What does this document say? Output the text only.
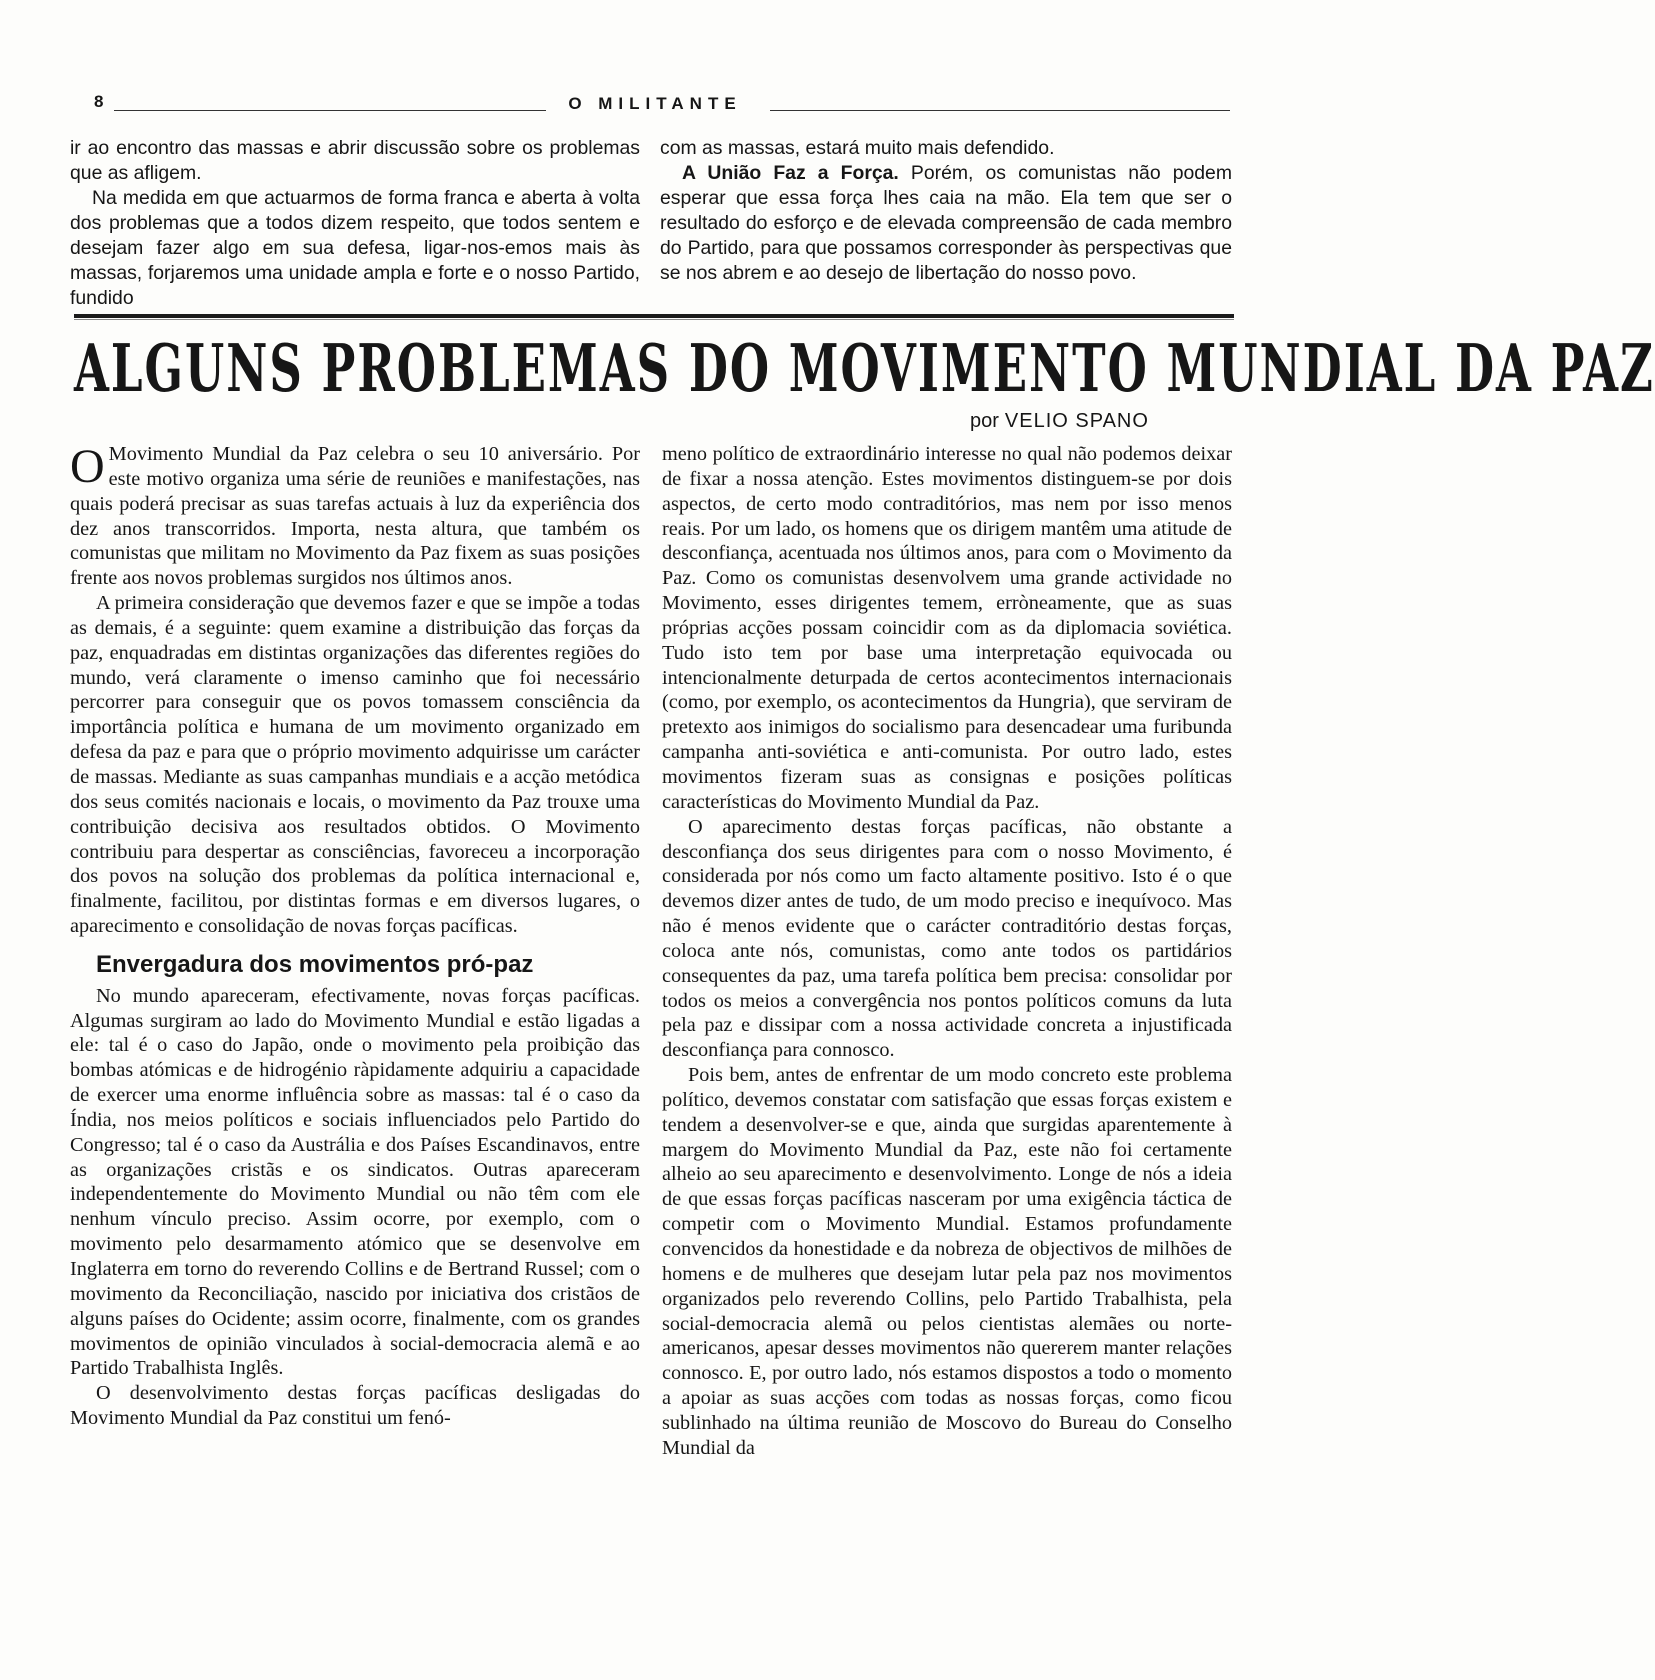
8	O MILITANTE

ir ao encontro das massas e abrir discussão sobre os problemas que as afligem.

Na medida em que actuarmos de forma franca e aberta à volta dos problemas que a todos dizem respeito, que todos sentem e desejam fazer algo em sua defesa, ligar-nos-emos mais às massas, forjaremos uma unidade ampla e forte e o nosso Partido, fundido

com as massas, estará muito mais defendido.

A União Faz a Força. Porém, os comunistas não podem esperar que essa força lhes caia na mão. Ela tem que ser o resultado do esforço e de elevada compreensão de cada membro do Partido, para que possamos corresponder às perspectivas que se nos abrem e ao desejo de libertação do nosso povo.

ALGUNS PROBLEMAS DO MOVIMENTO MUNDIAL DA PAZ
por VELIO SPANO

O Movimento Mundial da Paz celebra o seu 10 aniversário. Por este motivo organiza uma série de reuniões e manifestações, nas quais poderá precisar as suas tarefas actuais à luz da experiência dos dez anos transcorridos. Importa, nesta altura, que também os comunistas que militam no Movimento da Paz fixem as suas posições frente aos novos problemas surgidos nos últimos anos.

A primeira consideração que devemos fazer e que se impõe a todas as demais, é a seguinte: quem examine a distribuição das forças da paz, enquadradas em distintas organizações das diferentes regiões do mundo, verá claramente o imenso caminho que foi necessário percorrer para conseguir que os povos tomassem consciência da importância política e humana de um movimento organizado em defesa da paz e para que o próprio movimento adquirisse um carácter de massas. Mediante as suas campanhas mundiais e a acção metódica dos seus comités nacionais e locais, o movimento da Paz trouxe uma contribuição decisiva aos resultados obtidos. O Movimento contribuiu para despertar as consciências, favoreceu a incorporação dos povos na solução dos problemas da política internacional e, finalmente, facilitou, por distintas formas e em diversos lugares, o aparecimento e consolidação de novas forças pacíficas.

Envergadura dos movimentos pró-paz

No mundo apareceram, efectivamente, novas forças pacíficas. Algumas surgiram ao lado do Movimento Mundial e estão ligadas a ele: tal é o caso do Japão, onde o movimento pela proibição das bombas atómicas e de hidrogénio ràpidamente adquiriu a capacidade de exercer uma enorme influência sobre as massas: tal é o caso da Índia, nos meios políticos e sociais influenciados pelo Partido do Congresso; tal é o caso da Austrália e dos Países Escandinavos, entre as organizações cristãs e os sindicatos. Outras apareceram independentemente do Movimento Mundial ou não têm com ele nenhum vínculo preciso. Assim ocorre, por exemplo, com o movimento pelo desarmamento atómico que se desenvolve em Inglaterra em torno do reverendo Collins e de Bertrand Russel; com o movimento da Reconciliação, nascido por iniciativa dos cristãos de alguns países do Ocidente; assim ocorre, finalmente, com os grandes movimentos de opinião vinculados à social-democracia alemã e ao Partido Trabalhista Inglês.

O desenvolvimento destas forças pacíficas desligadas do Movimento Mundial da Paz constitui um fenó-

meno político de extraordinário interesse no qual não podemos deixar de fixar a nossa atenção. Estes movimentos distinguem-se por dois aspectos, de certo modo contraditórios, mas nem por isso menos reais. Por um lado, os homens que os dirigem mantêm uma atitude de desconfiança, acentuada nos últimos anos, para com o Movimento da Paz. Como os comunistas desenvolvem uma grande actividade no Movimento, esses dirigentes temem, erròneamente, que as suas próprias acções possam coincidir com as da diplomacia soviética. Tudo isto tem por base uma interpretação equivocada ou intencionalmente deturpada de certos acontecimentos internacionais (como, por exemplo, os acontecimentos da Hungria), que serviram de pretexto aos inimigos do socialismo para desencadear uma furibunda campanha anti-soviética e anti-comunista. Por outro lado, estes movimentos fizeram suas as consignas e posições políticas características do Movimento Mundial da Paz.

O aparecimento destas forças pacíficas, não obstante a desconfiança dos seus dirigentes para com o nosso Movimento, é considerada por nós como um facto altamente positivo. Isto é o que devemos dizer antes de tudo, de um modo preciso e inequívoco. Mas não é menos evidente que o carácter contraditório destas forças, coloca ante nós, comunistas, como ante todos os partidários consequentes da paz, uma tarefa política bem precisa: consolidar por todos os meios a convergência nos pontos políticos comuns da luta pela paz e dissipar com a nossa actividade concreta a injustificada desconfiança para connosco.

Pois bem, antes de enfrentar de um modo concreto este problema político, devemos constatar com satisfação que essas forças existem e tendem a desenvolver-se e que, ainda que surgidas aparentemente à margem do Movimento Mundial da Paz, este não foi certamente alheio ao seu aparecimento e desenvolvimento. Longe de nós a ideia de que essas forças pacíficas nasceram por uma exigência táctica de competir com o Movimento Mundial. Estamos profundamente convencidos da honestidade e da nobreza de objectivos de milhões de homens e de mulheres que desejam lutar pela paz nos movimentos organizados pelo reverendo Collins, pelo Partido Trabalhista, pela social-democracia alemã ou pelos cientistas alemães ou norte-americanos, apesar desses movimentos não quererem manter relações connosco. E, por outro lado, nós estamos dispostos a todo o momento a apoiar as suas acções com todas as nossas forças, como ficou sublinhado na última reunião de Moscovo do Bureau do Conselho Mundial da
